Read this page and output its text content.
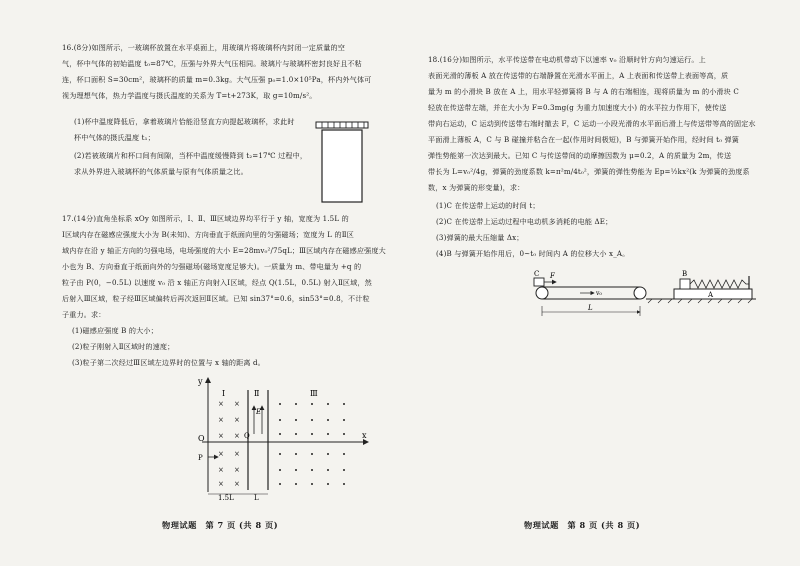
16.(8分)如图所示，一玻璃杯放置在水平桌面上，用玻璃片将玻璃杯内封闭一定质量的空
气，杯中气体的初始温度 t₀=87℃，压强与外界大气压相同。玻璃片与玻璃杯密封良好且不粘
连，杯口面积 S=30cm²，玻璃杯的质量 m=0.3kg。大气压强 p₀=1.0×10⁵Pa，杯内外气体可
视为理想气体，热力学温度与摄氏温度的关系为 T=t+273K，取 g=10m/s²。
(1)杯中温度降低后，拿着玻璃片恰能沿竖直方向提起玻璃杯，求此时
杯中气体的摄氏温度 t₁；
(2)若被玻璃片和杯口间有间隙，当杯中温度缓慢降到 t₂=17℃ 过程中，
求从外界进入玻璃杯的气体质量与原有气体质量之比。
17.(14分)直角坐标系 xOy 如图所示，Ⅰ、Ⅱ、Ⅲ区域边界均平行于 y 轴，宽度为 1.5L 的
Ⅰ区域内存在磁感应强度大小为 B(未知)、方向垂直于纸面向里的匀强磁场；宽度为 L 的Ⅱ区
域内存在沿 y 轴正方向的匀强电场，电场强度的大小 E=28mv₀²/75qL；Ⅲ区域内存在磁感应强度大
小也为 B、方向垂直于纸面向外的匀强磁场(磁场宽度足够大)。一质量为 m、带电量为 +q 的
粒子由 P(0，−0.5L) 以速度 v₀ 沿 x 轴正方向射入Ⅰ区域，经点 Q(1.5L，0.5L) 射入Ⅱ区域，然
后射入Ⅲ区域，粒子经Ⅲ区域偏转后再次返回Ⅱ区域。已知 sin37°=0.6，sin53°=0.8，不计粒
子重力。求：
(1)磁感应强度 B 的大小；
(2)粒子刚射入Ⅱ区域时的速度；
(3)粒子第二次经过Ⅲ区域左边界时的位置与 x 轴的距离 d。
y
x
O
P
Ⅰ	Ⅱ	Ⅲ
E
Q
×
×
×
×
×
×
×
×
×
×
×
×
1.5L	L
物理试题　第 7 页 (共 8 页)
18.(16分)如图所示，水平传送带在电动机带动下以速率 v₀ 沿顺时针方向匀速运行。上
表面光滑的薄板 A 放在传送带的右端静置在光滑水平面上，A 上表面和传送带上表面等高，质
量为 m 的小滑块 B 放在 A 上，用水平轻弹簧将 B 与 A 的右端相连，现将质量为 m 的小滑块 C
轻放在传送带左端，并在大小为 F=0.3mg(g 为重力加速度大小) 的水平拉力作用下，使传送
带向右运动，C 运动到传送带右端时撤去 F，C 运动一小段光滑的水平面后滑上与传送带等高的固定水
平面滑上薄板 A，C 与 B 碰撞并粘合在一起(作用时间极短)，B 与弹簧开始作用，经时间 t₀ 弹簧
弹性势能第一次达到最大。已知 C 与传送带间的动摩擦因数为 μ=0.2，A 的质量为 2m，传送
带长为 L=v₀²/4g，弹簧的劲度系数 k=π²m/4t₀²，弹簧的弹性势能为 Ep=½kx²(k 为弹簧的劲度系
数，x 为弹簧的形变量)，求：
(1)C 在传送带上运动的时间 t；
(2)C 在传送带上运动过程中电动机多消耗的电能 ΔE；
(3)弹簧的最大压缩量 Δx；
(4)B 与弹簧开始作用后，0~t₀ 时间内 A 的位移大小 x_A。
C F
v₀	A
B
L
物理试题　第 8 页 (共 8 页)
